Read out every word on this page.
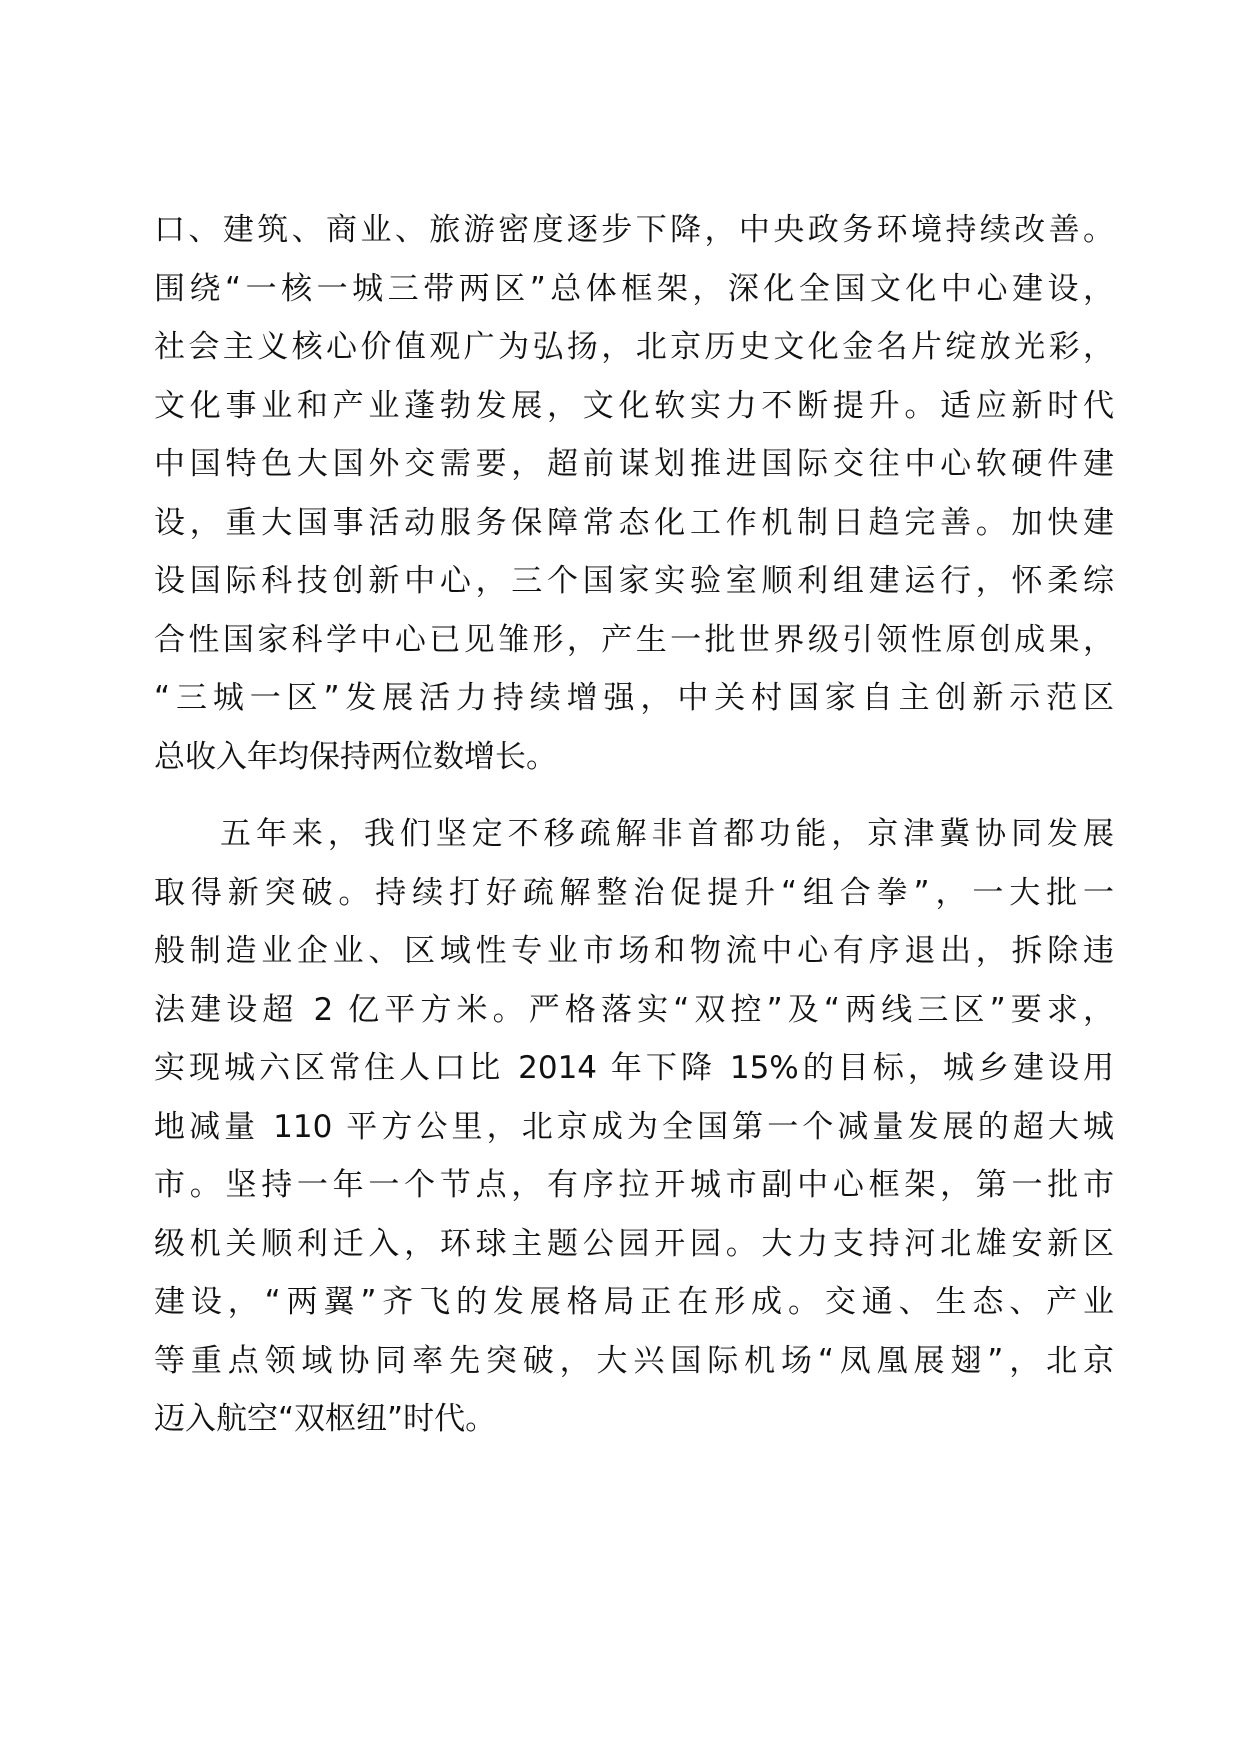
口、建筑、商业、旅游密度逐步下降，中央政务环境持续改善。
围绕“一核一城三带两区”总体框架，深化全国文化中心建设，
社会主义核心价值观广为弘扬，北京历史文化金名片绽放光彩，
文化事业和产业蓬勃发展，文化软实力不断提升。适应新时代
中国特色大国外交需要，超前谋划推进国际交往中心软硬件建
设，重大国事活动服务保障常态化工作机制日趋完善。加快建
设国际科技创新中心，三个国家实验室顺利组建运行，怀柔综
合性国家科学中心已见雏形，产生一批世界级引领性原创成果，
“三城一区”发展活力持续增强，中关村国家自主创新示范区
总收入年均保持两位数增长。
五年来，我们坚定不移疏解非首都功能，京津冀协同发展
取得新突破。持续打好疏解整治促提升“组合拳”，一大批一
般制造业企业、区域性专业市场和物流中心有序退出，拆除违
法建设超 2 亿平方米。严格落实“双控”及“两线三区”要求，
实现城六区常住人口比 2014 年下降 15%的目标，城乡建设用
地减量 110 平方公里，北京成为全国第一个减量发展的超大城
市。坚持一年一个节点，有序拉开城市副中心框架，第一批市
级机关顺利迁入，环球主题公园开园。大力支持河北雄安新区
建设，“两翼”齐飞的发展格局正在形成。交通、生态、产业
等重点领域协同率先突破，大兴国际机场“凤凰展翅”，北京
迈入航空“双枢纽”时代。
